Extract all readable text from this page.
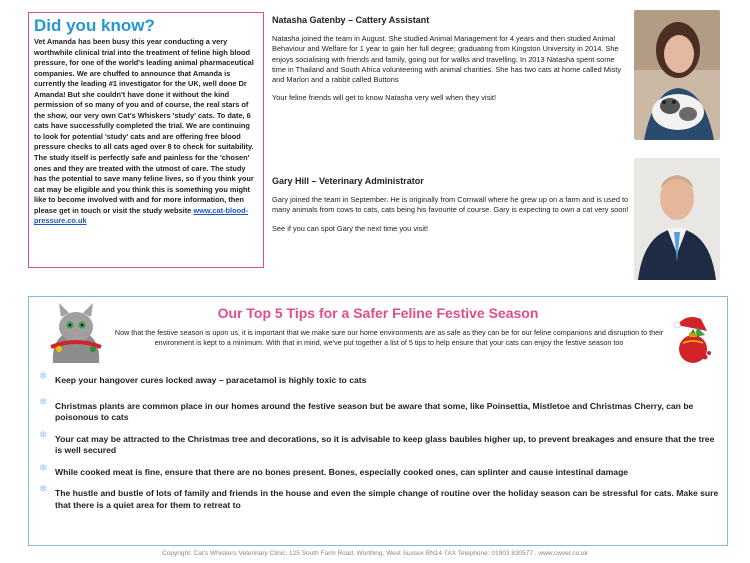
Did you know?

Vet Amanda has been busy this year conducting a very worthwhile clinical trial into the treatment of feline high blood pressure, for one of the world's leading animal pharmaceutical companies. We are chuffed to announce that Amanda is currently the leading #1 investigator for the UK, well done Dr Amanda! But she couldn't have done it without the kind permission of so many of you and of course, the real stars of the show, our very own Cat's Whiskers 'study' cats. To date, 6 cats have successfully completed the trial. We are continuing to look for potential 'study' cats and are offering free blood pressure checks to all cats aged over 8 to check for suitability. The study itself is perfectly safe and painless for the 'chosen' ones and they are treated with the utmost of care. The study has the potential to save many feline lives, so if you think your cat may be eligible and you think this is something you might like to become involved with and for more information, then please get in touch or visit the study website www.cat-blood-pressure.co.uk

Natasha Gatenby – Cattery Assistant

Natasha joined the team in August. She studied Animal Management for 4 years and then studied Animal Behaviour and Welfare for 1 year to gain her full degree; graduating from Kingston University in 2014. She enjoys socialising with friends and family, going out for walks and travelling. In 2013 Natasha spent some time in Thailand and South Africa volunteering with animal charities. She has two cats at home called Misty and Marlon and a rabbit called Buttons

Your feline friends will get to know Natasha very well when they visit!

Gary Hill – Veterinary Administrator

Gary joined the team in September. He is originally from Cornwall where he grew up on a farm and is used to many animals from cows to cats, cats being his favourite of course. Gary is expecting to own a cat very soon!

See if you can spot Gary the next time you visit!

Our Top 5 Tips for a Safer Feline Festive Season

Now that the festive season is upon us, it is important that we make sure our home environments are as safe as they can be for our feline companions and disruption to their environment is kept to a minimum. With that in mind, we've put together a list of 5 tips to help ensure that your cats can enjoy the festive season too

❄ Keep your hangover cures locked away – paracetamol is highly toxic to cats
❄ Christmas plants are common place in our homes around the festive season but be aware that some, like Poinsettia, Mistletoe and Christmas Cherry, can be poisonous to cats
❄ Your cat may be attracted to the Christmas tree and decorations, so it is advisable to keep glass baubles higher up, to prevent breakages and ensure that the tree is well secured
❄ While cooked meat is fine, ensure that there are no bones present. Bones, especially cooked ones, can splinter and cause intestinal damage
❄ The hustle and bustle of lots of family and friends in the house and even the simple change of routine over the holiday season can be stressful for cats. Make sure that there is a quiet area for them to retreat to
Copyright: Cat's Whiskers Veterinary Clinic, 125 South Farm Road, Worthing, West Sussex BN14 7AX Telephone: 01903 830577 . www.cwvet.co.uk
